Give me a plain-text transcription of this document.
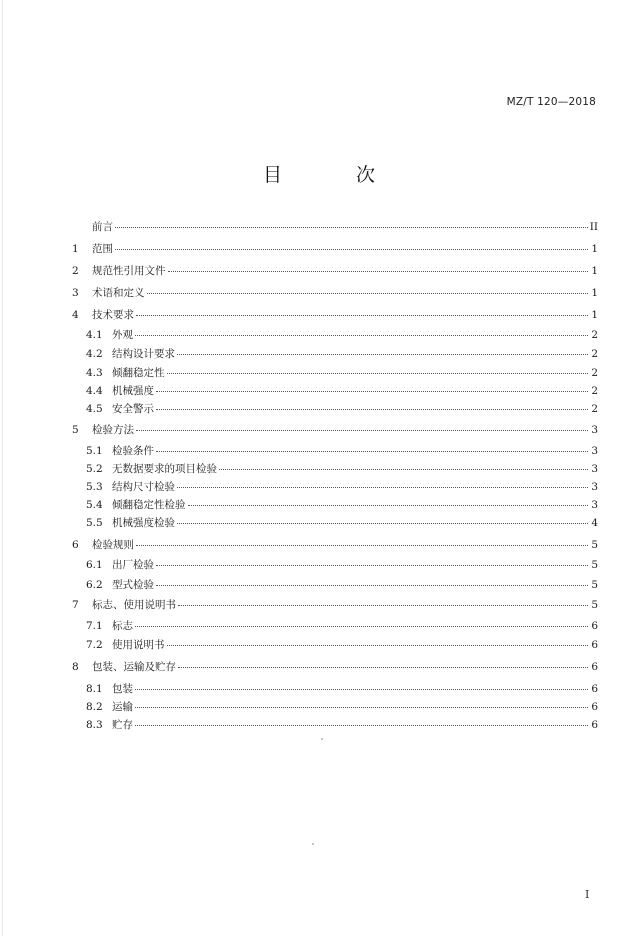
MZ/T 120—2018
目 次
前言	II
1	范围	1
2	规范性引用文件	1
3	术语和定义	1
4	技术要求	1
4.1 外观	2
4.2 结构设计要求	2
4.3 倾翻稳定性	2
4.4 机械强度	2
4.5 安全警示	2
5	检验方法	3
5.1 检验条件	3
5.2 无数据要求的项目检验	3
5.3 结构尺寸检验	3
5.4 倾翻稳定性检验	3
5.5 机械强度检验	4
6	检验规则	5
6.1 出厂检验	5
6.2 型式检验	5
7	标志、使用说明书	5
7.1 标志	6
7.2 使用说明书	6
8	包装、运输及贮存	6
8.1 包装	6
8.2 运输	6
8.3 贮存	6
I
